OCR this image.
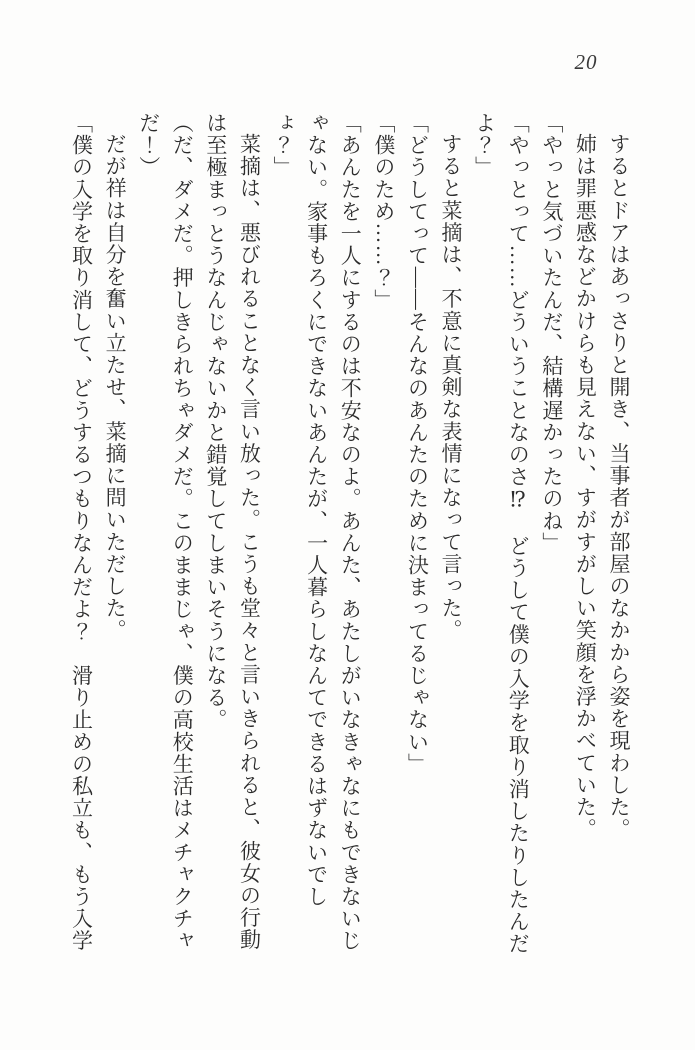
20
するとドアはあっさりと開き、当事者が部屋のなかから姿を現わした。
姉は罪悪感などかけらも見えない、すがすがしい笑顔を浮かべていた。
「やっと気づいたんだ、結構遅かったのね」
「やっとって……どういうことなのさ⁉　どうして僕の入学を取り消したりしたんだ
よ？」
すると菜摘は、不意に真剣な表情になって言った。
「どうしてって――そんなのあんたのために決まってるじゃない」
「僕のため……？」
「あんたを一人にするのは不安なのよ。あんた、あたしがいなきゃなにもできないじ
ゃない。家事もろくにできないあんたが、一人暮らしなんてできるはずないでし
ょ？」
菜摘は、悪びれることなく言い放った。こうも堂々と言いきられると、彼女の行動
は至極まっとうなんじゃないかと錯覚してしまいそうになる。
（だ、ダメだ。押しきられちゃダメだ。このままじゃ、僕の高校生活はメチャクチャ
だ！）
だが祥は自分を奮い立たせ、菜摘に問いただした。
「僕の入学を取り消して、どうするつもりなんだよ？　滑り止めの私立も、もう入学
